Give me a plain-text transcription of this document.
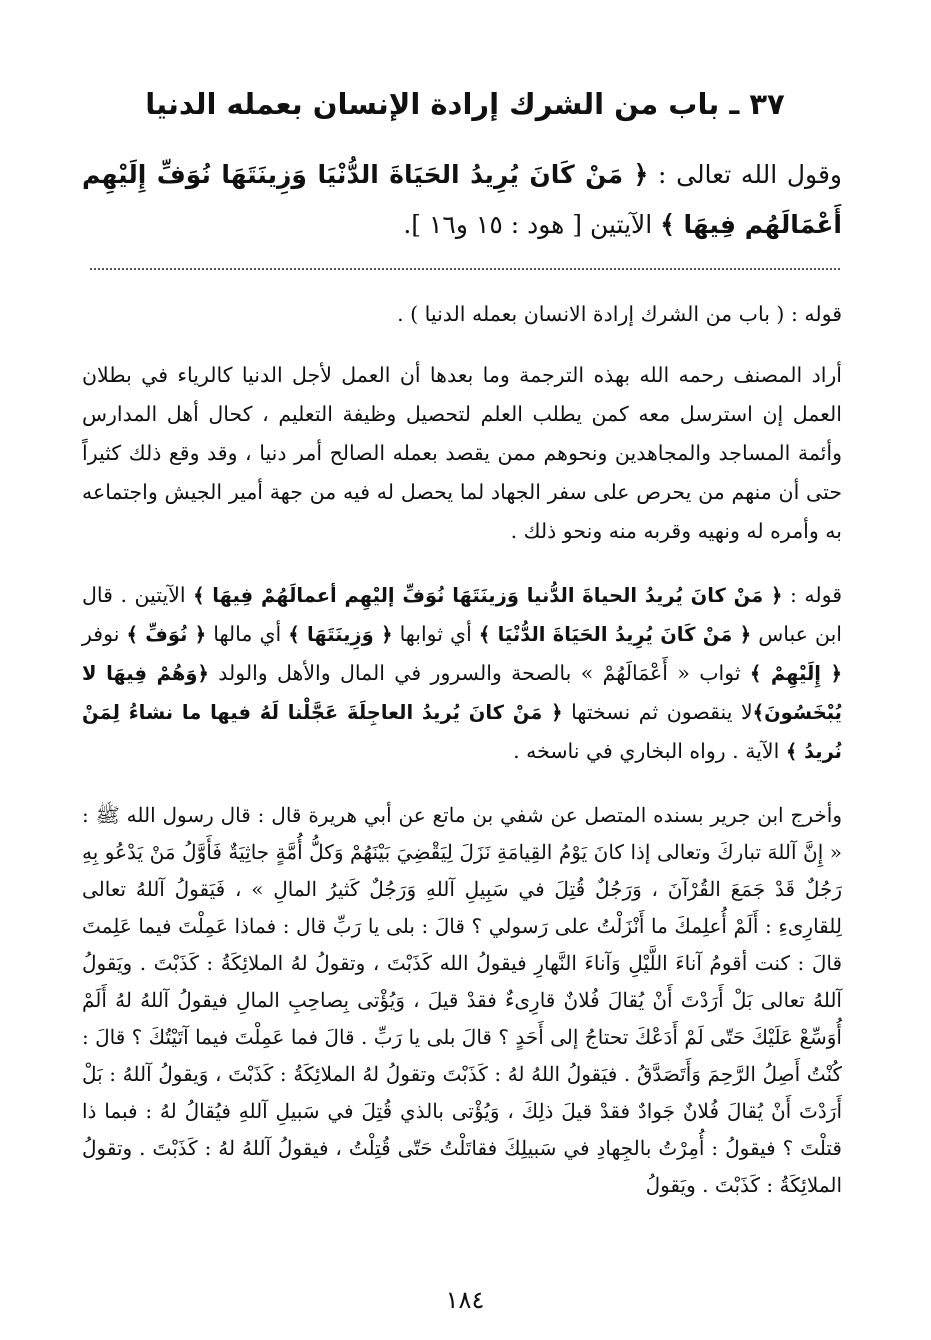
٣٧ ـ باب من الشرك إرادة الإنسان بعمله الدنيا

وقول الله تعالى : ﴿ مَنْ كَانَ يُرِيدُ الحَيَاةَ الدُّنْيَا وَزِينَتَهَا نُوَفِّ إِلَيْهِم أَعْمَالَهُم فِيهَا ﴾ الآيتين [ هود : ١٥ و١٦ ].

قوله : ( باب من الشرك إرادة الانسان بعمله الدنيا ) .

أراد المصنف رحمه الله بهذه الترجمة وما بعدها أن العمل لأجل الدنيا كالرياء في بطلان العمل إن استرسل معه كمن يطلب العلم لتحصيل وظيفة التعليم ، كحال أهل المدارس وأئمة المساجد والمجاهدين ونحوهم ممن يقصد بعمله الصالح أمر دنيا ، وقد وقع ذلك كثيراً حتى أن منهم من يحرص على سفر الجهاد لما يحصل له فيه من جهة أمير الجيش واجتماعه به وأمره له ونهيه وقربه منه ونحو ذلك .

قوله : ﴿ مَنْ كانَ يُريدُ الحياةَ الدُّنيا وَزينَتَهَا نُوَفِّ إليْهِم أعمالَهُمْ فِيهَا ﴾ الآيتين . قال ابن عباس ﴿ مَنْ كَانَ يُرِيدُ الحَيَاةَ الدُّنْيَا ﴾ أي ثوابها ﴿ وَزِينَتَهَا ﴾ أي مالها ﴿ نُوَفِّ ﴾ نوفر ﴿ إِلَيْهِمْ ﴾ ثواب « أَعْمَالَهُمْ » بالصحة والسرور في المال والأهل والولد ﴿وَهُمْ فِيهَا لا يُبْخَسُونَ﴾لا ينقصون ثم نسختها ﴿ مَنْ كانَ يُريدُ العاجِلَةَ عَجَّلْنا لَهُ فيها ما نشاءُ لِمَنْ نُريدُ ﴾ الآية . رواه البخاري في ناسخه .

وأخرج ابن جرير بسنده المتصل عن شفي بن ماتع عن أبي هريرة قال : قال رسول الله ﷺ : « إِنَّ آللهَ تباركَ وتعالى إذا كانَ يَوْمُ القِيامَةِ نَزَلَ لِيَقْضِيَ بَيْنَهُمْ وَكلُّ أُمَّةٍ جاثِيَةٌ فَأَوَّلُ مَنْ يَدْعُو بِهِ رَجُلٌ قَدْ جَمَعَ القُرْآنَ ، وَرَجُلٌ قُتِلَ في سَبِيلِ آللهِ وَرَجُلٌ كَثيرُ المالِ » ، فَيَقولُ آللهُ تعالى لِلقارِىءِ : أَلَمْ أُعلِمكَ ما أَنْزَلْتُ على رَسولي ؟ قالَ : بلى يا رَبِّ قال : فماذا عَمِلْتَ فيما عَلِمتَ قالَ : كنت أقومُ آناءَ اللَّيْلِ وَآناءَ النَّهارِ فيقولُ الله كَذَبْتَ ، وتقولُ لهُ الملائِكَةُ : كَذَبْتَ . ويَقولُ آللهُ تعالى بَلْ أَرَدْتَ أَنْ يُقالَ فُلانٌ قارِىءٌ فقدْ قيلَ ، وَيُؤْتى بِصاحِبِ المالِ فيقولُ آللهُ لهُ أَلَمْ أُوَسِّعْ عَلَيْكَ حَتّى لَمْ أَدَعْكَ تحتاجُ إلى أَحَدٍ ؟ قالَ بلى يا رَبِّ . قالَ فما عَمِلْتَ فيما آتَيْتُكَ ؟ قالَ : كُنْتُ أَصِلُ الرَّحِمَ وَأَتَصَدَّقُ . فيَقولُ اللهُ لهُ : كَذَبْتَ وتقولُ لهُ الملائِكَةُ : كَذَبْتَ ، وَيقولُ آللهُ : بَلْ أَرَدْتَ أَنْ يُقالَ فُلانٌ جَوادٌ فقدْ قيلَ ذلِكَ ، وَيُؤْتى بالذي قُتِلَ في سَبيلِ آللهِ فيُقالُ لهُ : فبما ذا قتلْتَ ؟ فيقولُ : أُمِرْتُ بالجِهادِ في سَبيلِكَ فقاتَلْتُ حَتّى قُتِلْتُ ، فيقولُ آللهُ لهُ : كَذَبْتَ . وتقولُ الملائِكَةُ : كَذَبْتَ . ويَقولُ

١٨٤
